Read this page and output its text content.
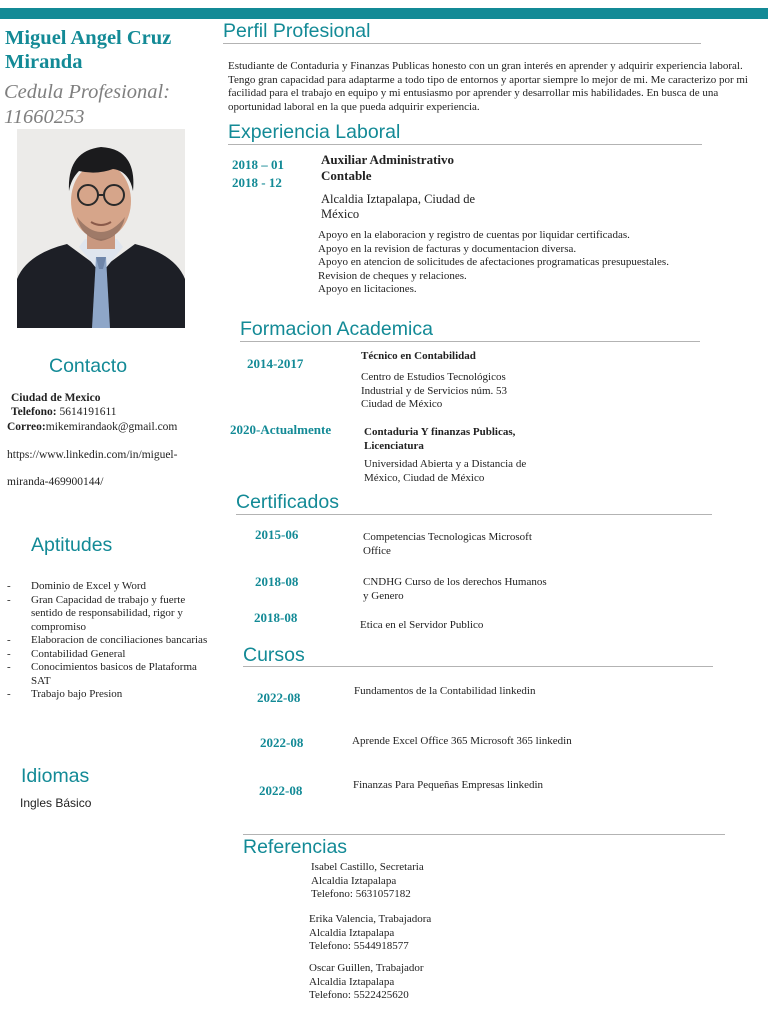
Miguel Angel Cruz Miranda
Cedula Profesional:
11660253
Contacto
Ciudad de Mexico
Telefono: 5614191611
Correo:mikemirandaok@gmail.com
https://www.linkedin.com/in/miguel-
miranda-469900144/
Aptitudes
- Dominio de Excel y Word
- Gran Capacidad de trabajo y fuerte sentido de responsabilidad, rigor y compromiso
- Elaboracion de conciliaciones bancarias
- Contabilidad General
- Conocimientos basicos de Plataforma SAT
- Trabajo bajo Presion
Idiomas
Ingles Básico
Perfil Profesional
Estudiante de Contaduria y Finanzas Publicas honesto con un gran interés en aprender y adquirir experiencia laboral. Tengo gran capacidad para adaptarme a todo tipo de entornos y aportar siempre lo mejor de mi. Me caracterizo por mi facilidad para el trabajo en equipo y mi entusiasmo por aprender y desarrollar mis habilidades. En busca de una oportunidad laboral en la que pueda adquirir experiencia.
Experiencia Laboral
2018 – 01
2018 - 12
Auxiliar Administrativo
Contable
Alcaldia Iztapalapa, Ciudad de
México
Apoyo en la elaboracion y registro de cuentas por liquidar certificadas.
Apoyo en la revision de facturas y documentacion diversa.
Apoyo en atencion de solicitudes de afectaciones programaticas presupuestales.
Revision de cheques y relaciones.
Apoyo en licitaciones.
Formacion Academica
2014-2017	Técnico en Contabilidad
Centro de Estudios Tecnológicos
Industrial y de Servicios núm. 53
Ciudad de México
2020-Actualmente	Contaduria Y finanzas Publicas,
Licenciatura
Universidad Abierta y a Distancia de
México, Ciudad de México
Certificados
2015-06	Competencias Tecnologicas Microsoft
Office
2018-08	CNDHG Curso de los derechos Humanos
y Genero
2018-08	Etica en el Servidor Publico
Cursos
2022-08	Fundamentos de la Contabilidad linkedin
2022-08	Aprende Excel Office 365 Microsoft 365 linkedin
2022-08	Finanzas Para Pequeñas Empresas linkedin
Referencias
Isabel Castillo, Secretaria
Alcaldia Iztapalapa
Telefono: 5631057182
Erika Valencia, Trabajadora
Alcaldia Iztapalapa
Telefono: 5544918577
Oscar Guillen, Trabajador
Alcaldia Iztapalapa
Telefono: 5522425620
